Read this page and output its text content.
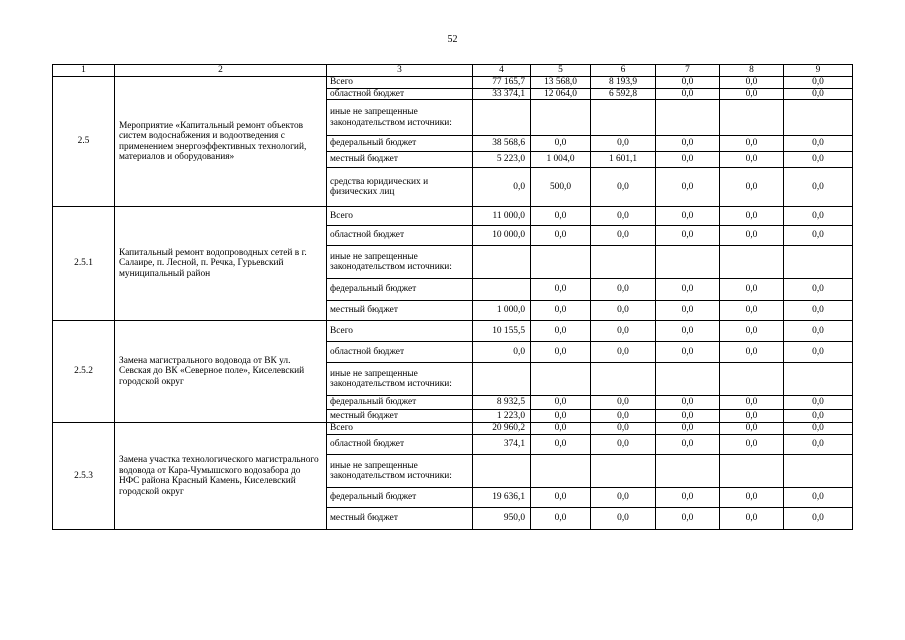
52
1	2	3	4	5	6	7	8	9
2.5	Мероприятие «Капитальный ремонт объектов систем водоснабжения и водоотведения с применением энергоэффективных технологий, материалов и оборудования»	Всего	77 165,7	13 568,0	8 193,9	0,0	0,0	0,0
		областной бюджет	33 374,1	12 064,0	6 592,8	0,0	0,0	0,0
		иные не запрещенные законодательством источники:						
		федеральный бюджет	38 568,6	0,0	0,0	0,0	0,0	0,0
		местный бюджет	5 223,0	1 004,0	1 601,1	0,0	0,0	0,0
		средства юридических и физических лиц	0,0	500,0	0,0	0,0	0,0	0,0
2.5.1	Капитальный ремонт водопроводных сетей в г. Салаире, п. Лесной, п. Речка, Гурьевский муниципальный район	Всего	11 000,0	0,0	0,0	0,0	0,0	0,0
		областной бюджет	10 000,0	0,0	0,0	0,0	0,0	0,0
		иные не запрещенные законодательством источники:						
		федеральный бюджет		0,0	0,0	0,0	0,0	0,0
		местный бюджет	1 000,0	0,0	0,0	0,0	0,0	0,0
2.5.2	Замена магистрального водовода от ВК ул. Севская до ВК «Северное поле», Киселевский городской округ	Всего	10 155,5	0,0	0,0	0,0	0,0	0,0
		областной бюджет	0,0	0,0	0,0	0,0	0,0	0,0
		иные не запрещенные законодательством источники:						
		федеральный бюджет	8 932,5	0,0	0,0	0,0	0,0	0,0
		местный бюджет	1 223,0	0,0	0,0	0,0	0,0	0,0
2.5.3	Замена участка технологического магистрального водовода от Кара-Чумышского водозабора до НФС района Красный Камень, Киселевский городской округ	Всего	20 960,2	0,0	0,0	0,0	0,0	0,0
		областной бюджет	374,1	0,0	0,0	0,0	0,0	0,0
		иные не запрещенные законодательством источники:						
		федеральный бюджет	19 636,1	0,0	0,0	0,0	0,0	0,0
		местный бюджет	950,0	0,0	0,0	0,0	0,0	0,0
